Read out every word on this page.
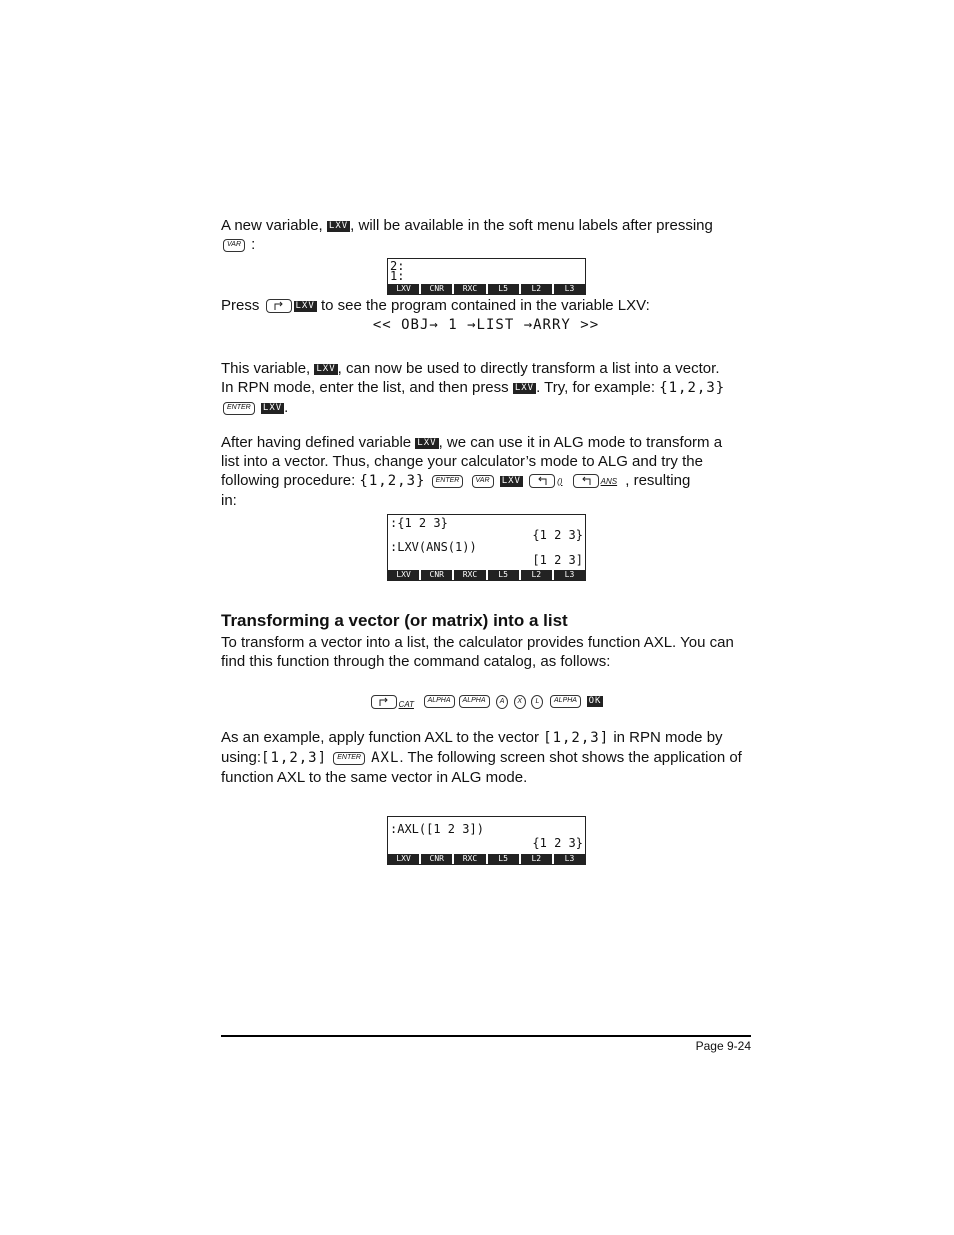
A new variable, LXV , will be available in the soft menu labels after pressing
VAR :
2:
1:
LXV	CNR	RXC	L5	L2	L3
Press	LXV to see the program contained in the variable LXV:
<< OBJ→ 1 →LIST →ARRY >>
This variable, LXV , can now be used to directly transform a list into a vector.
In RPN mode, enter the list, and then press LXV . Try, for example: {1,2,3}
ENTER LXV .
After having defined variable LXV , we can use it in ALG mode to transform a
list into a vector. Thus, change your calculator’s mode to ALG and try the
following procedure: {1,2,3} ENTER VAR LXV	()	ANS , resulting
in:
:{1 2 3}
{1 2 3}
:LXV(ANS(1))
[1 2 3]
LXV	CNR	RXC	L5	L2	L3
Transforming a vector (or matrix) into a list
To transform a vector into a list, the calculator provides function AXL. You can
find this function through the command catalog, as follows:
CAT ALPHA ALPHA A X L ALPHA OK
As an example, apply function AXL to the vector [1,2,3] in RPN mode by
using:[1,2,3] ENTER AXL. The following screen shot shows the application of
function AXL to the same vector in ALG mode.
:AXL([1 2 3])
{1 2 3}
LXV	CNR	RXC	L5	L2	L3
Page 9-24
